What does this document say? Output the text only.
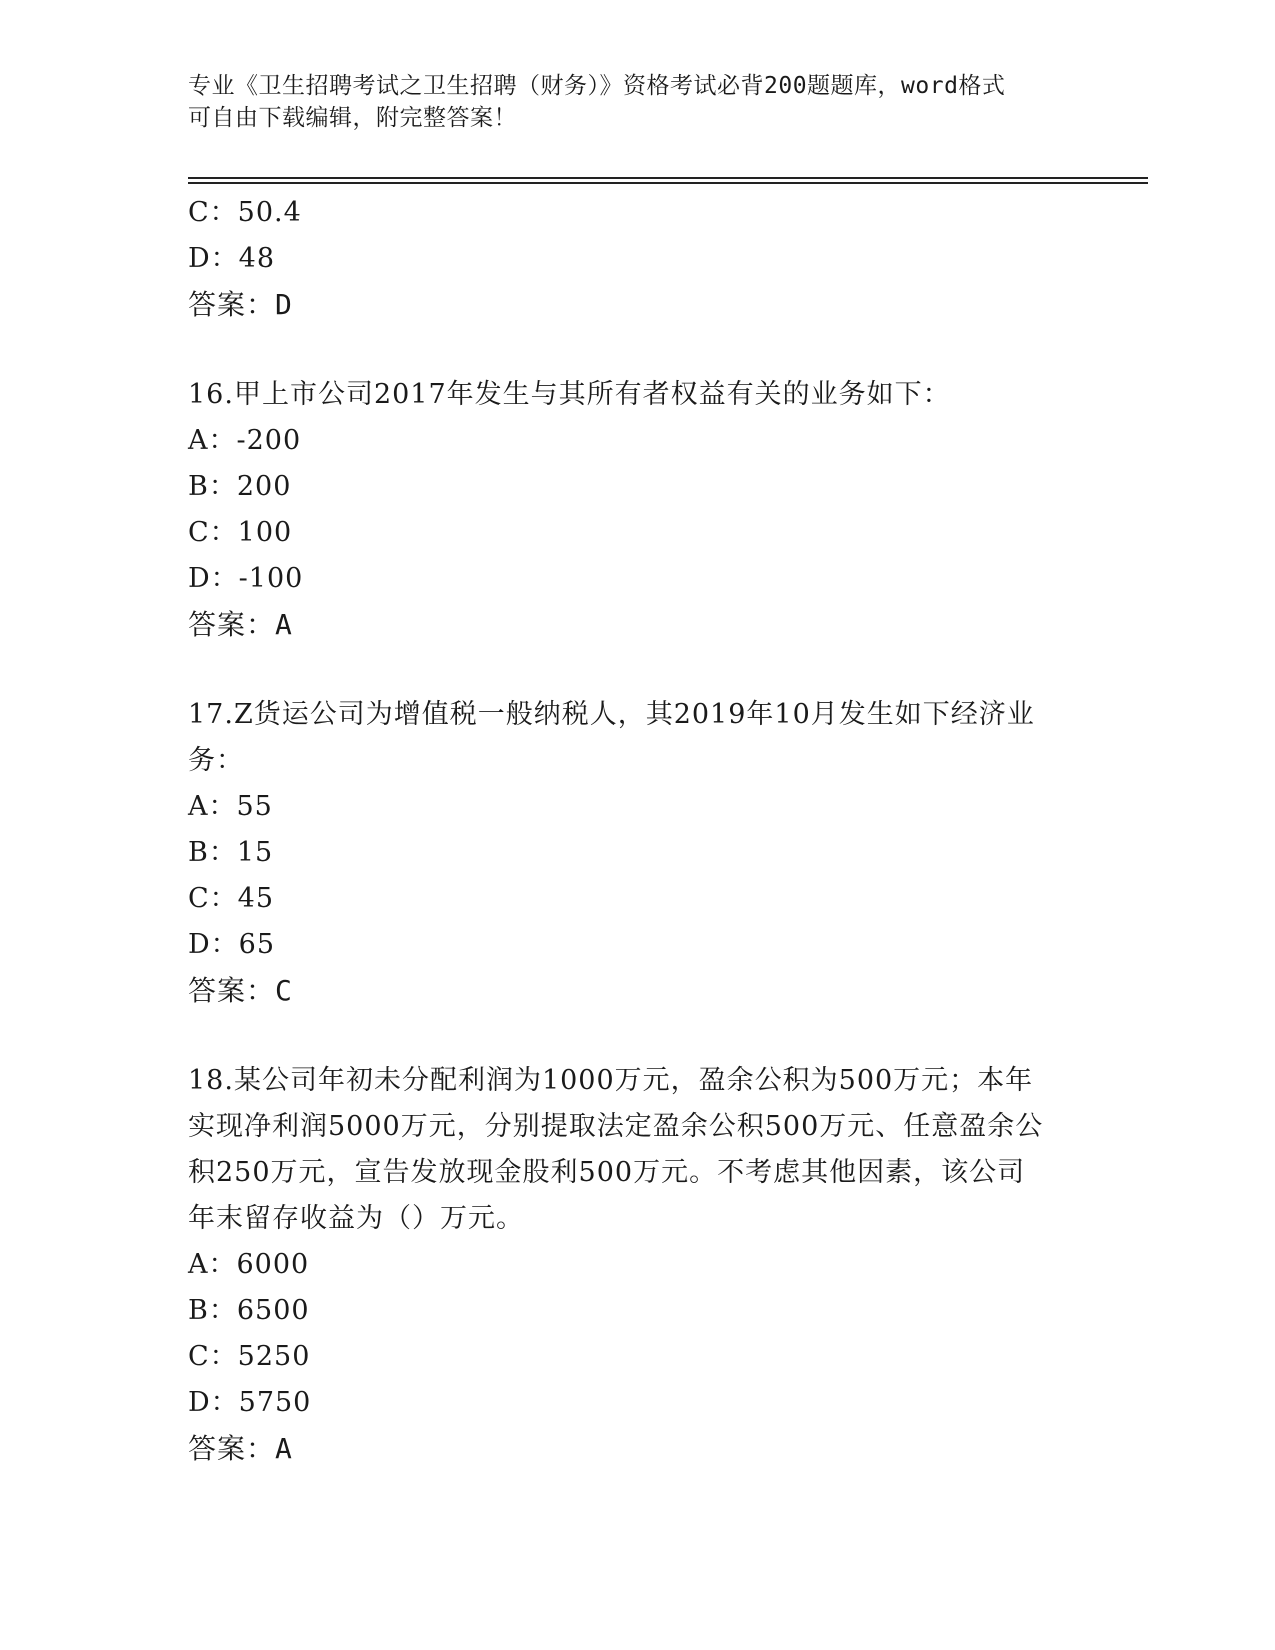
专业《卫生招聘考试之卫生招聘（财务）》资格考试必背200题题库，word格式
可自由下载编辑，附完整答案！
C：50.4
D：48
答案：D
16.甲上市公司2017年发生与其所有者权益有关的业务如下：
A：-200
B：200
C：100
D：-100
答案：A
17.Z货运公司为增值税一般纳税人，其2019年10月发生如下经济业
务：
A：55
B：15
C：45
D：65
答案：C
18.某公司年初未分配利润为1000万元，盈余公积为500万元；本年
实现净利润5000万元，分别提取法定盈余公积500万元、任意盈余公
积250万元，宣告发放现金股利500万元。不考虑其他因素，该公司
年末留存收益为（）万元。
A：6000
B：6500
C：5250
D：5750
答案：A
